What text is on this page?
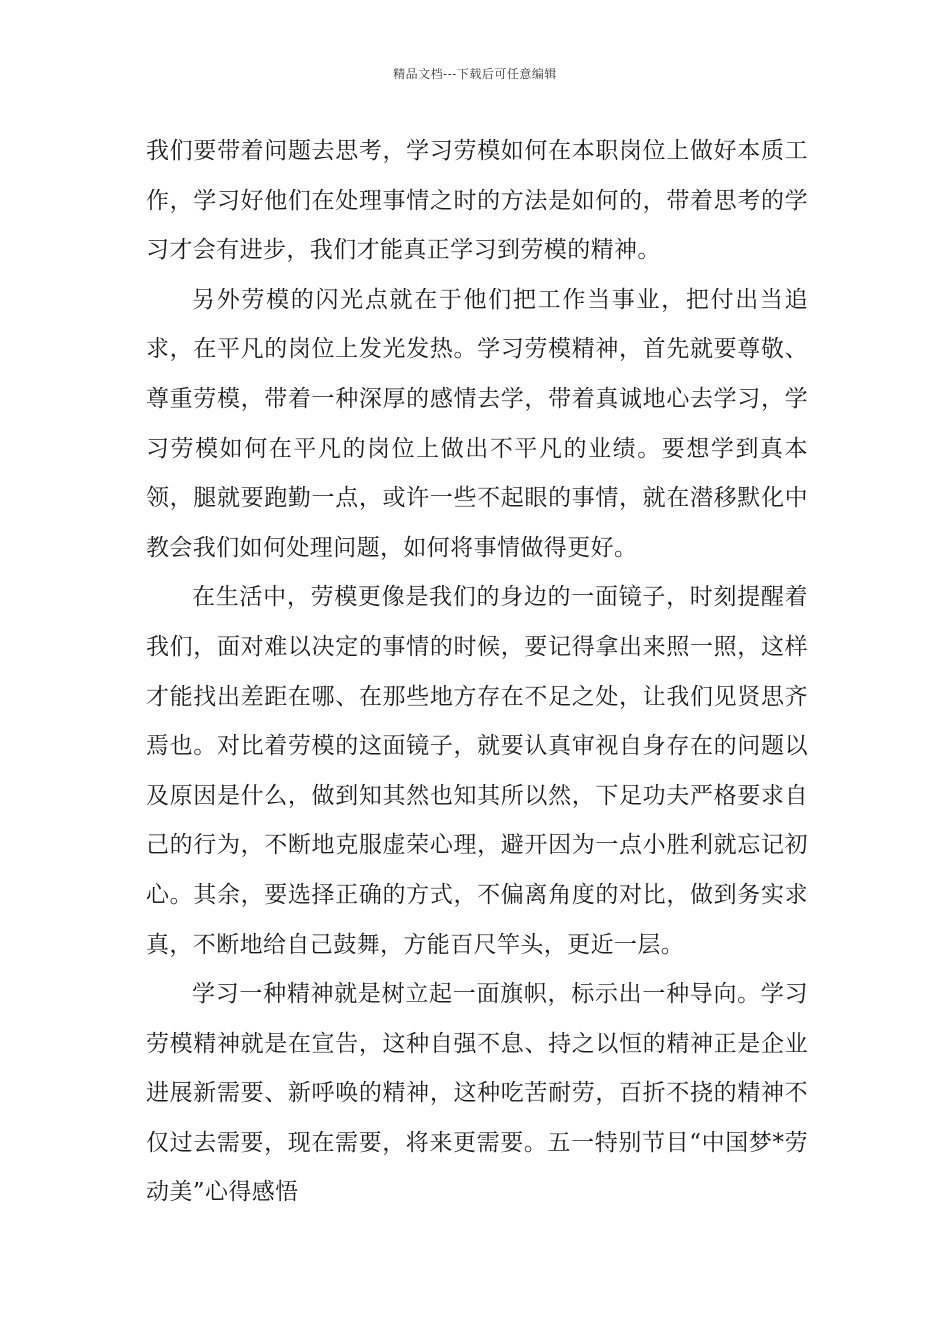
精品文档---下载后可任意编辑

我们要带着问题去思考，学习劳模如何在本职岗位上做好本质工作，学习好他们在处理事情之时的方法是如何的，带着思考的学习才会有进步，我们才能真正学习到劳模的精神。

另外劳模的闪光点就在于他们把工作当事业，把付出当追求，在平凡的岗位上发光发热。学习劳模精神，首先就要尊敬、尊重劳模，带着一种深厚的感情去学，带着真诚地心去学习，学习劳模如何在平凡的岗位上做出不平凡的业绩。要想学到真本领，腿就要跑勤一点，或许一些不起眼的事情，就在潜移默化中教会我们如何处理问题，如何将事情做得更好。

在生活中，劳模更像是我们的身边的一面镜子，时刻提醒着我们，面对难以决定的事情的时候，要记得拿出来照一照，这样才能找出差距在哪、在那些地方存在不足之处，让我们见贤思齐焉也。对比着劳模的这面镜子，就要认真审视自身存在的问题以及原因是什么，做到知其然也知其所以然，下足功夫严格要求自己的行为，不断地克服虚荣心理，避开因为一点小胜利就忘记初心。其余，要选择正确的方式，不偏离角度的对比，做到务实求真，不断地给自己鼓舞，方能百尺竿头，更近一层。

学习一种精神就是树立起一面旗帜，标示出一种导向。学习劳模精神就是在宣告，这种自强不息、持之以恒的精神正是企业进展新需要、新呼唤的精神，这种吃苦耐劳，百折不挠的精神不仅过去需要，现在需要，将来更需要。五一特别节目“中国梦*劳动美”心得感悟
